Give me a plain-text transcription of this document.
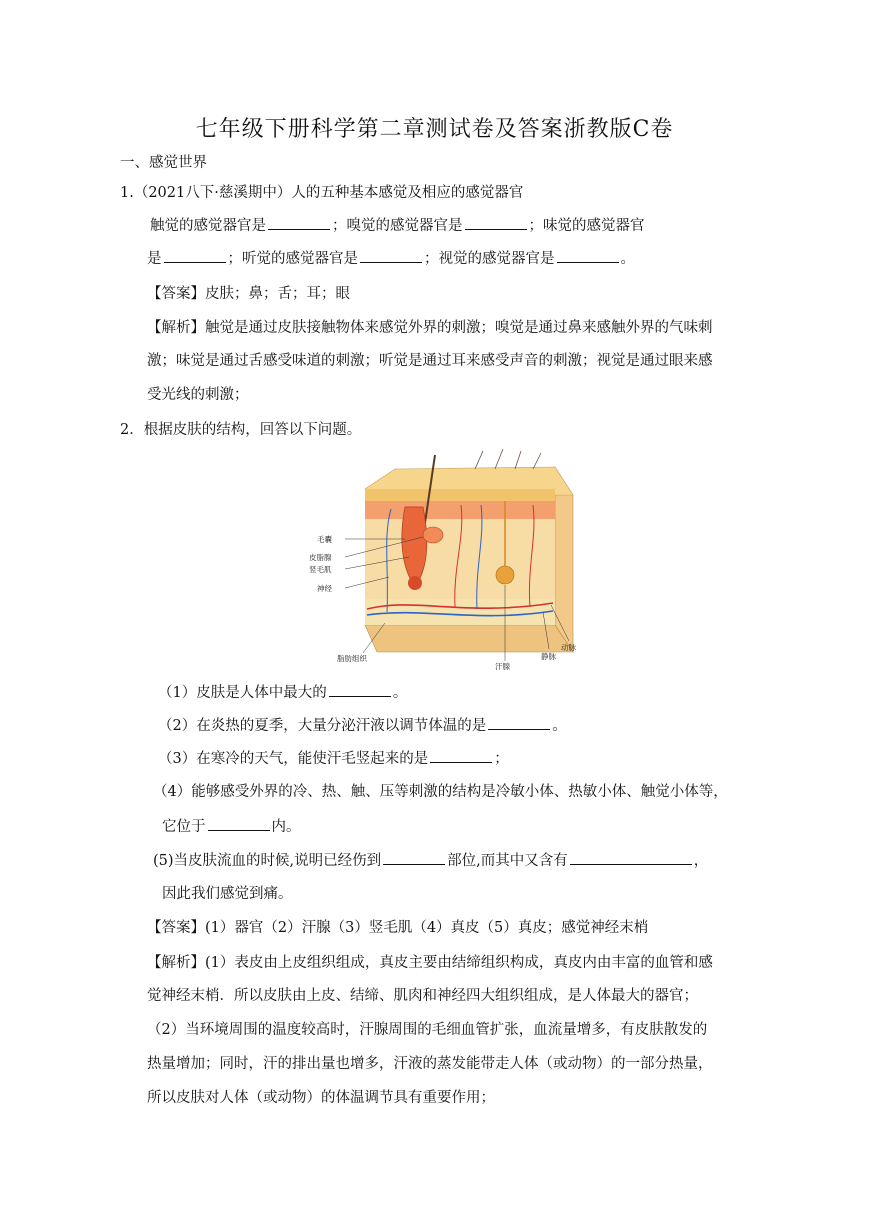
七年级下册科学第二章测试卷及答案浙教版C卷
一、感觉世界
1.（2021八下·慈溪期中）人的五种基本感觉及相应的感觉器官
触觉的感觉器官是	；嗅觉的感觉器官是	；味觉的感觉器官
是	；听觉的感觉器官是	；视觉的感觉器官是	。
【答案】皮肤；鼻；舌；耳；眼
【解析】触觉是通过皮肤接触物体来感觉外界的刺激；嗅觉是通过鼻来感触外界的气味刺
激；味觉是通过舌感受味道的刺激；听觉是通过耳来感受声音的刺激；视觉是通过眼来感
受光线的刺激；
2．根据皮肤的结构，回答以下问题。
毛囊
皮脂腺
竖毛肌
神经
脂肪组织
汗腺
静脉
动脉
（1）皮肤是人体中最大的	。
（2）在炎热的夏季，大量分泌汗液以调节体温的是	。
（3）在寒冷的天气，能使汗毛竖起来的是	；
（4）能够感受外界的冷、热、触、压等刺激的结构是冷敏小体、热敏小体、触觉小体等，
它位于	内。
(5)当皮肤流血的时候,说明已经伤到	部位,而其中又含有	，
因此我们感觉到痛。
【答案】(1）器官（2）汗腺（3）竖毛肌（4）真皮（5）真皮；感觉神经末梢
【解析】(1）表皮由上皮组织组成，真皮主要由结缔组织构成，真皮内由丰富的血管和感
觉神经末梢．所以皮肤由上皮、结缔、肌肉和神经四大组织组成，是人体最大的器官；
（2）当环境周围的温度较高时，汗腺周围的毛细血管扩张，血流量增多，有皮肤散发的
热量增加；同时，汗的排出量也增多，汗液的蒸发能带走人体（或动物）的一部分热量，
所以皮肤对人体（或动物）的体温调节具有重要作用；
